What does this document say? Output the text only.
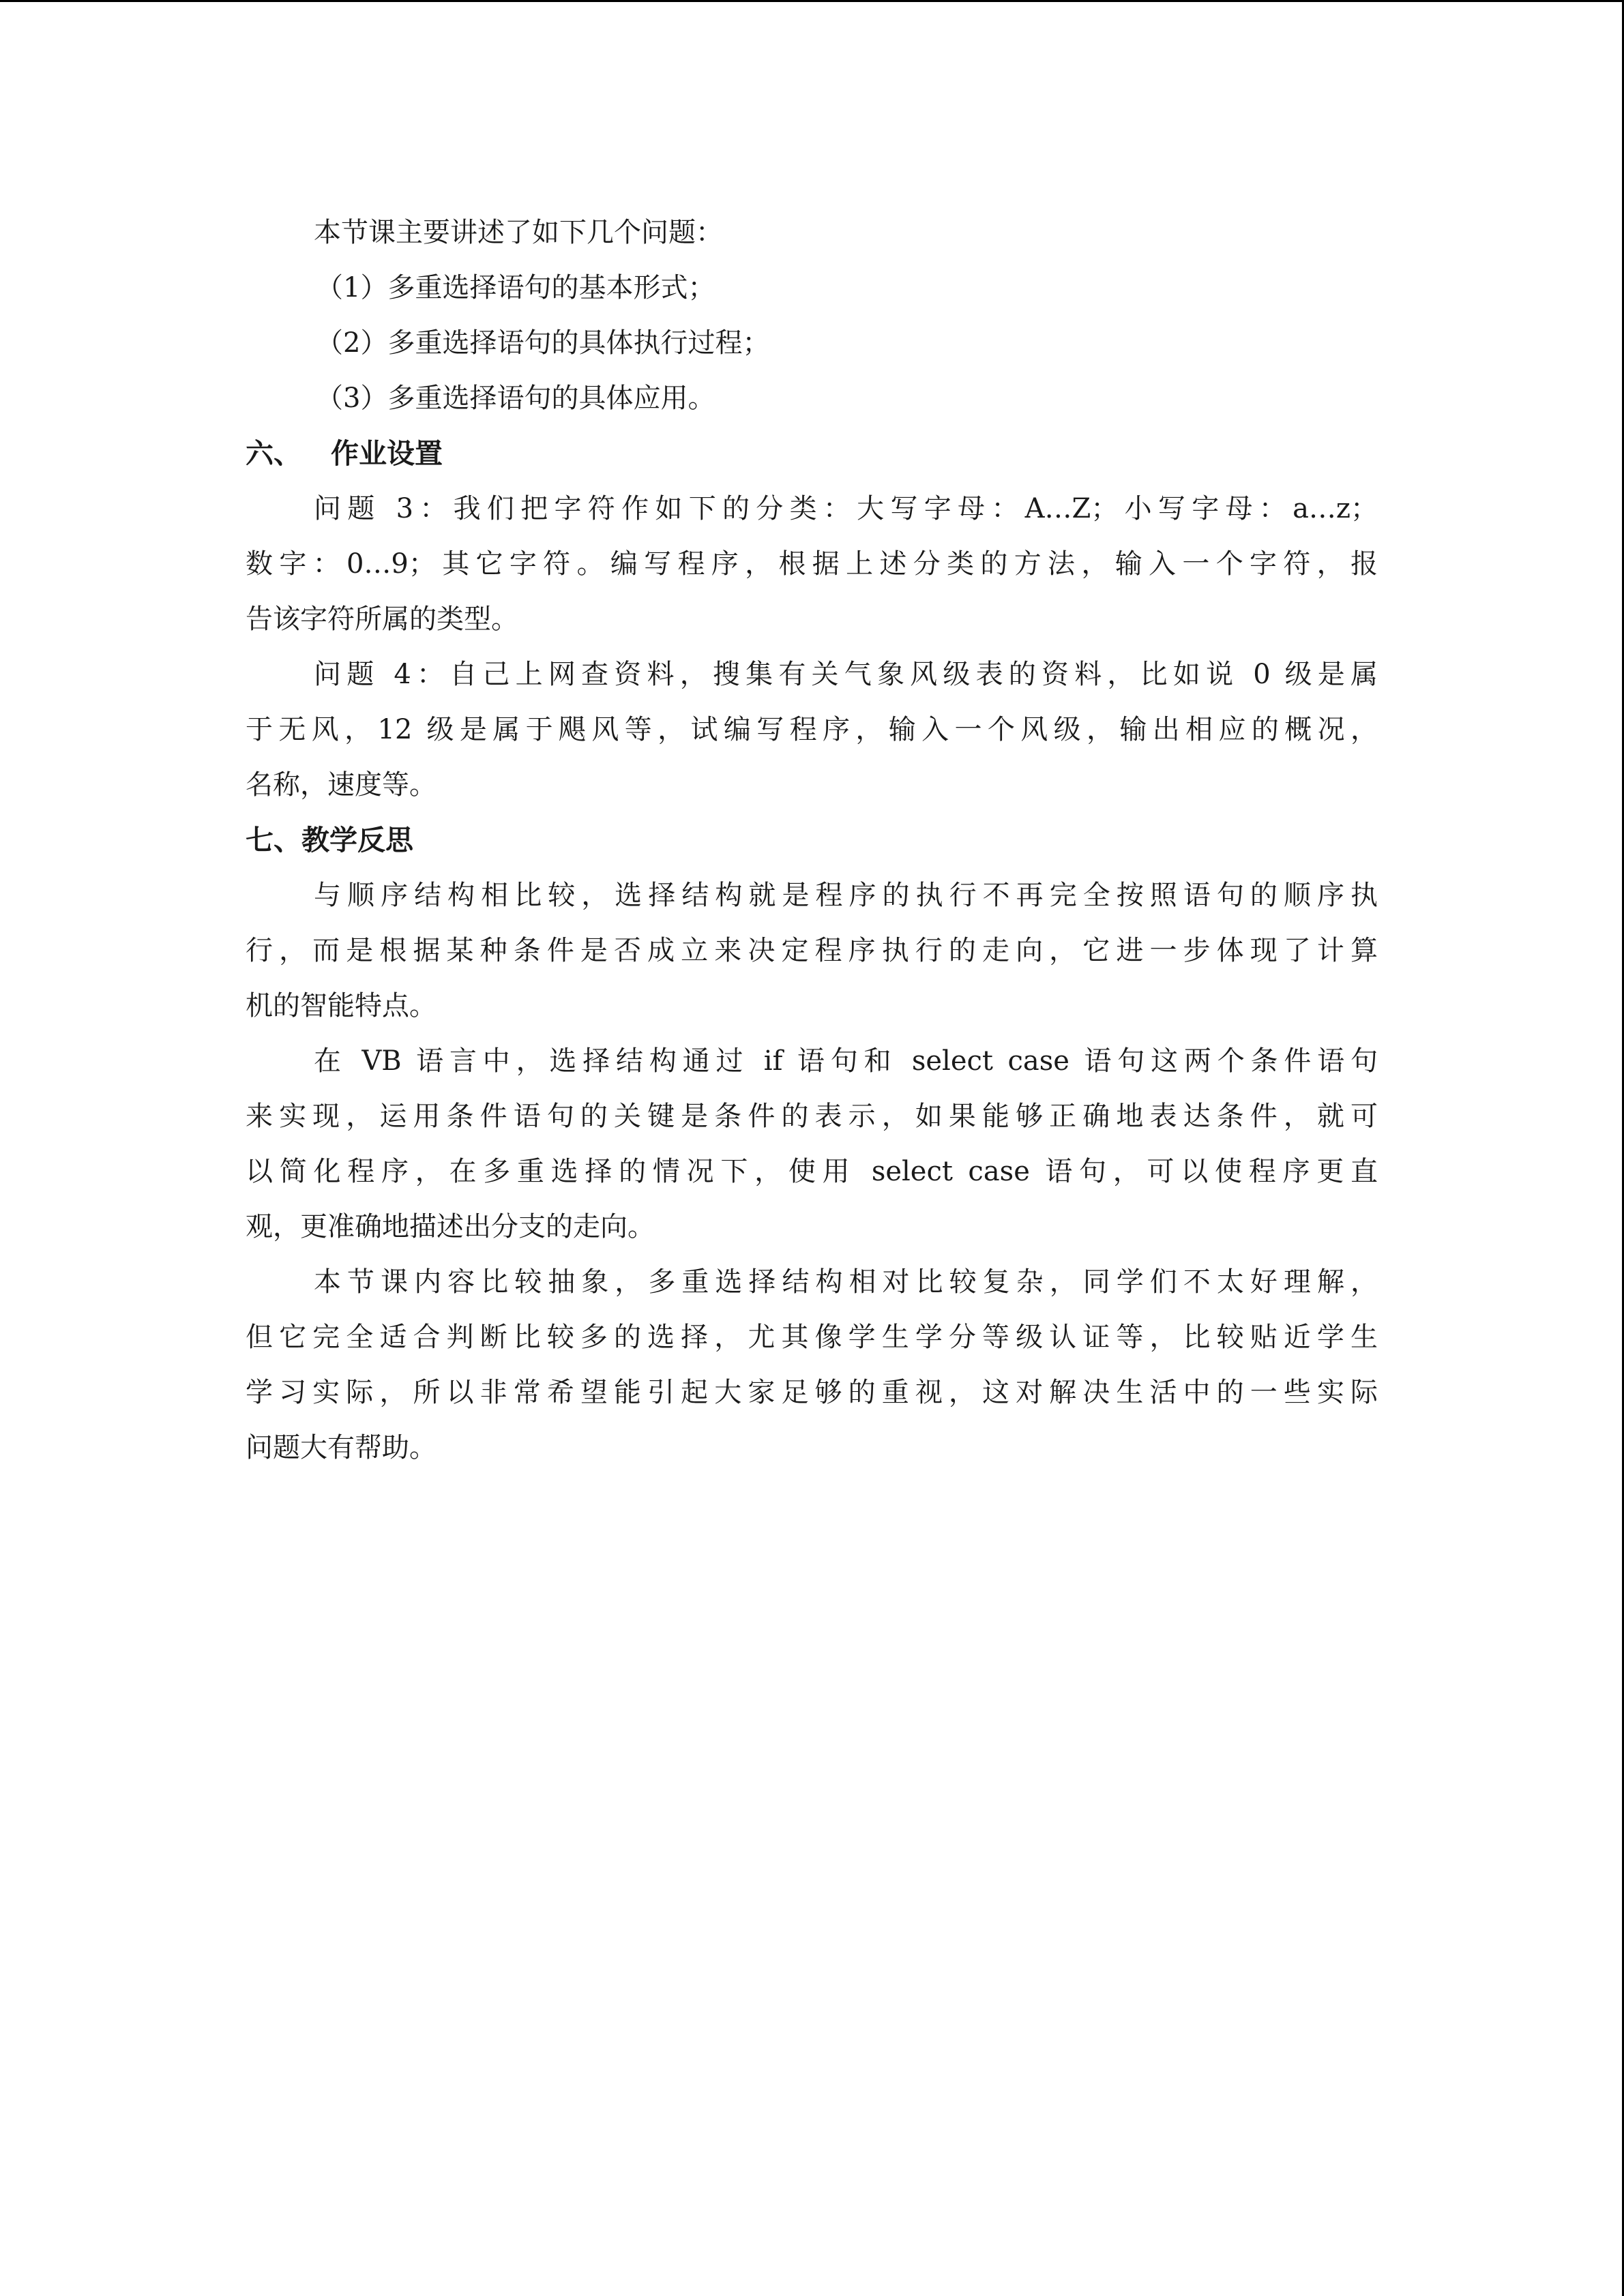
本节课主要讲述了如下几个问题：
（1）多重选择语句的基本形式；
（2）多重选择语句的具体执行过程；
（3）多重选择语句的具体应用。
六、 作业设置
问题 3：我们把字符作如下的分类：大写字母：A…Z；小写字母：a…z；
数字：0…9；其它字符。编写程序，根据上述分类的方法，输入一个字符，报
告该字符所属的类型。
问题 4：自己上网查资料，搜集有关气象风级表的资料，比如说 0 级是属
于无风，12 级是属于飓风等，试编写程序，输入一个风级，输出相应的概况，
名称，速度等。
七、教学反思
与顺序结构相比较，选择结构就是程序的执行不再完全按照语句的顺序执
行，而是根据某种条件是否成立来决定程序执行的走向，它进一步体现了计算
机的智能特点。
在 VB 语言中，选择结构通过 if 语句和 select case 语句这两个条件语句
来实现，运用条件语句的关键是条件的表示，如果能够正确地表达条件，就可
以简化程序，在多重选择的情况下，使用 select case 语句，可以使程序更直
观，更准确地描述出分支的走向。
本节课内容比较抽象，多重选择结构相对比较复杂，同学们不太好理解，
但它完全适合判断比较多的选择，尤其像学生学分等级认证等，比较贴近学生
学习实际，所以非常希望能引起大家足够的重视，这对解决生活中的一些实际
问题大有帮助。
